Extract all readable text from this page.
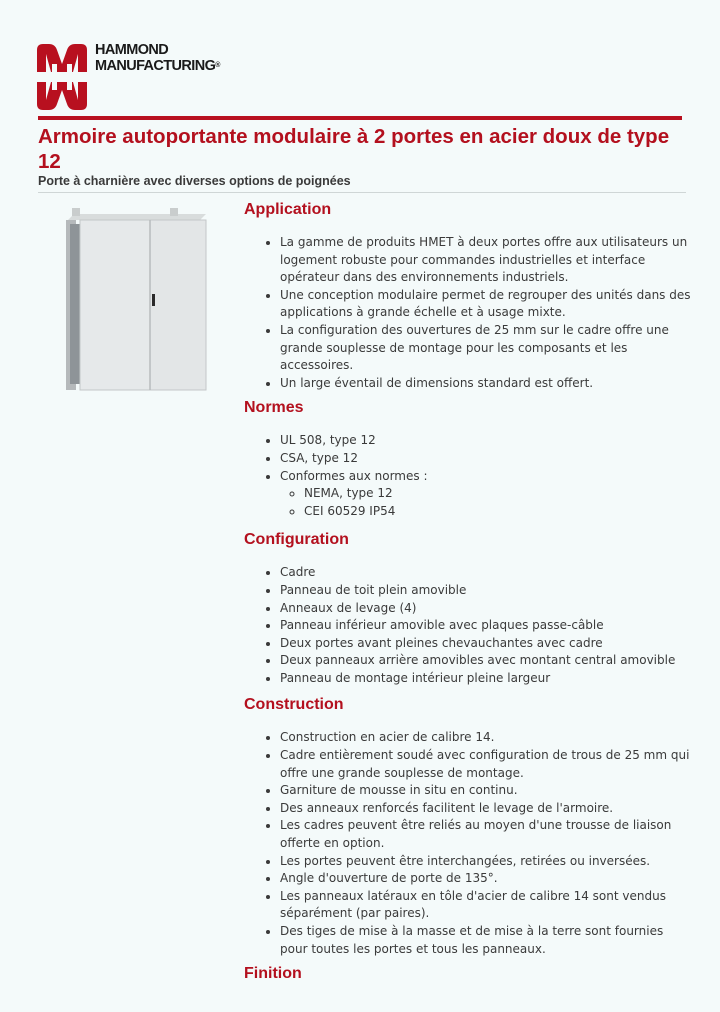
HAMMOND
MANUFACTURING®
Armoire autoportante modulaire à 2 portes en acier doux de type 12
Porte à charnière avec diverses options de poignées
Application
• La gamme de produits HMET à deux portes offre aux utilisateurs un logement robuste pour commandes industrielles et interface opérateur dans des environnements industriels.
• Une conception modulaire permet de regrouper des unités dans des applications à grande échelle et à usage mixte.
• La configuration des ouvertures de 25 mm sur le cadre offre une grande souplesse de montage pour les composants et les accessoires.
• Un large éventail de dimensions standard est offert.
Normes
• UL 508, type 12
• CSA, type 12
• Conformes aux normes :
◦ NEMA, type 12
◦ CEI 60529 IP54
Configuration
• Cadre
• Panneau de toit plein amovible
• Anneaux de levage (4)
• Panneau inférieur amovible avec plaques passe-câble
• Deux portes avant pleines chevauchantes avec cadre
• Deux panneaux arrière amovibles avec montant central amovible
• Panneau de montage intérieur pleine largeur
Construction
• Construction en acier de calibre 14.
• Cadre entièrement soudé avec configuration de trous de 25 mm qui offre une grande souplesse de montage.
• Garniture de mousse in situ en continu.
• Des anneaux renforcés facilitent le levage de l'armoire.
• Les cadres peuvent être reliés au moyen d'une trousse de liaison offerte en option.
• Les portes peuvent être interchangées, retirées ou inversées.
• Angle d'ouverture de porte de 135°.
• Les panneaux latéraux en tôle d'acier de calibre 14 sont vendus séparément (par paires).
• Des tiges de mise à la masse et de mise à la terre sont fournies pour toutes les portes et tous les panneaux.
Finition
